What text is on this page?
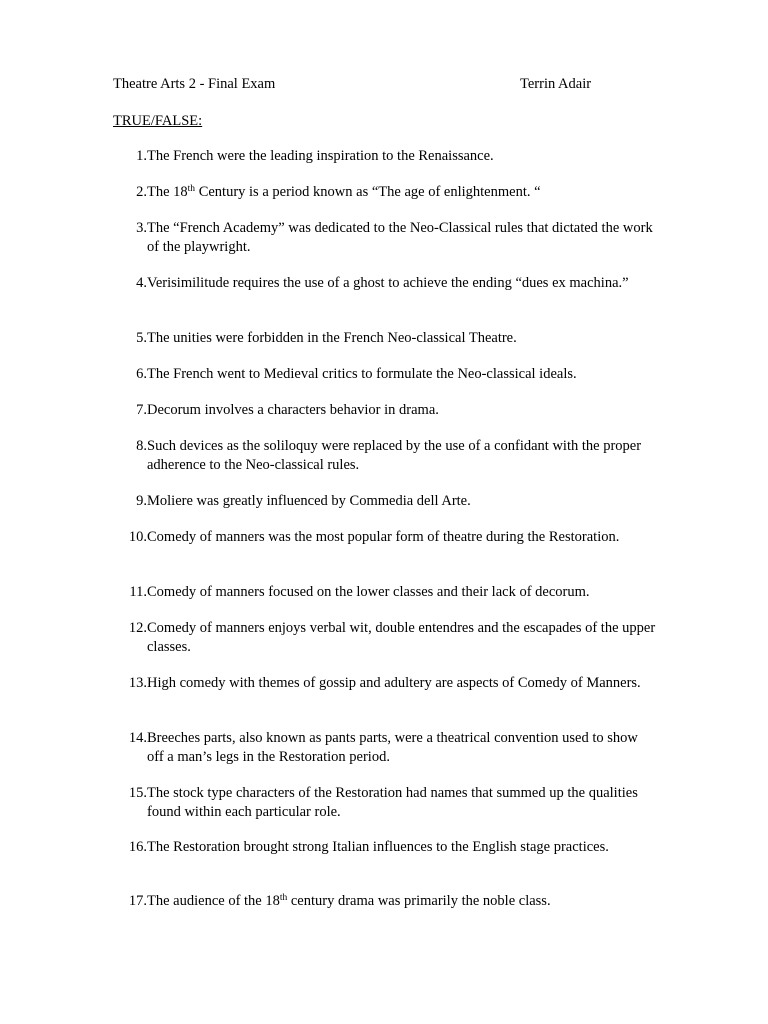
Theatre Arts 2 - Final Exam	Terrin Adair
TRUE/FALSE:
1. The French were the leading inspiration to the Renaissance.
2. The 18th Century is a period known as “The age of enlightenment. “
3. The “French Academy” was dedicated to the Neo-Classical rules that dictated the work of the playwright.
4. Verisimilitude requires the use of a ghost to achieve the ending “dues ex machina.”
5. The unities were forbidden in the French Neo-classical Theatre.
6. The French went to Medieval critics to formulate the Neo-classical ideals.
7. Decorum involves a characters behavior in drama.
8. Such devices as the soliloquy were replaced by the use of a confidant with the proper adherence to the Neo-classical rules.
9. Moliere was greatly influenced by Commedia dell Arte.
10. Comedy of manners was the most popular form of theatre during the Restoration.
11. Comedy of manners focused on the lower classes and their lack of decorum.
12. Comedy of manners enjoys verbal wit, double entendres and the escapades of the upper classes.
13. High comedy with themes of gossip and adultery are aspects of Comedy of Manners.
14. Breeches parts, also known as pants parts, were a theatrical convention used to show off a man’s legs in the Restoration period.
15. The stock type characters of the Restoration had names that summed up the qualities found within each particular role.
16. The Restoration brought strong Italian influences to the English stage practices.
17. The audience of the 18th century drama was primarily the noble class.
